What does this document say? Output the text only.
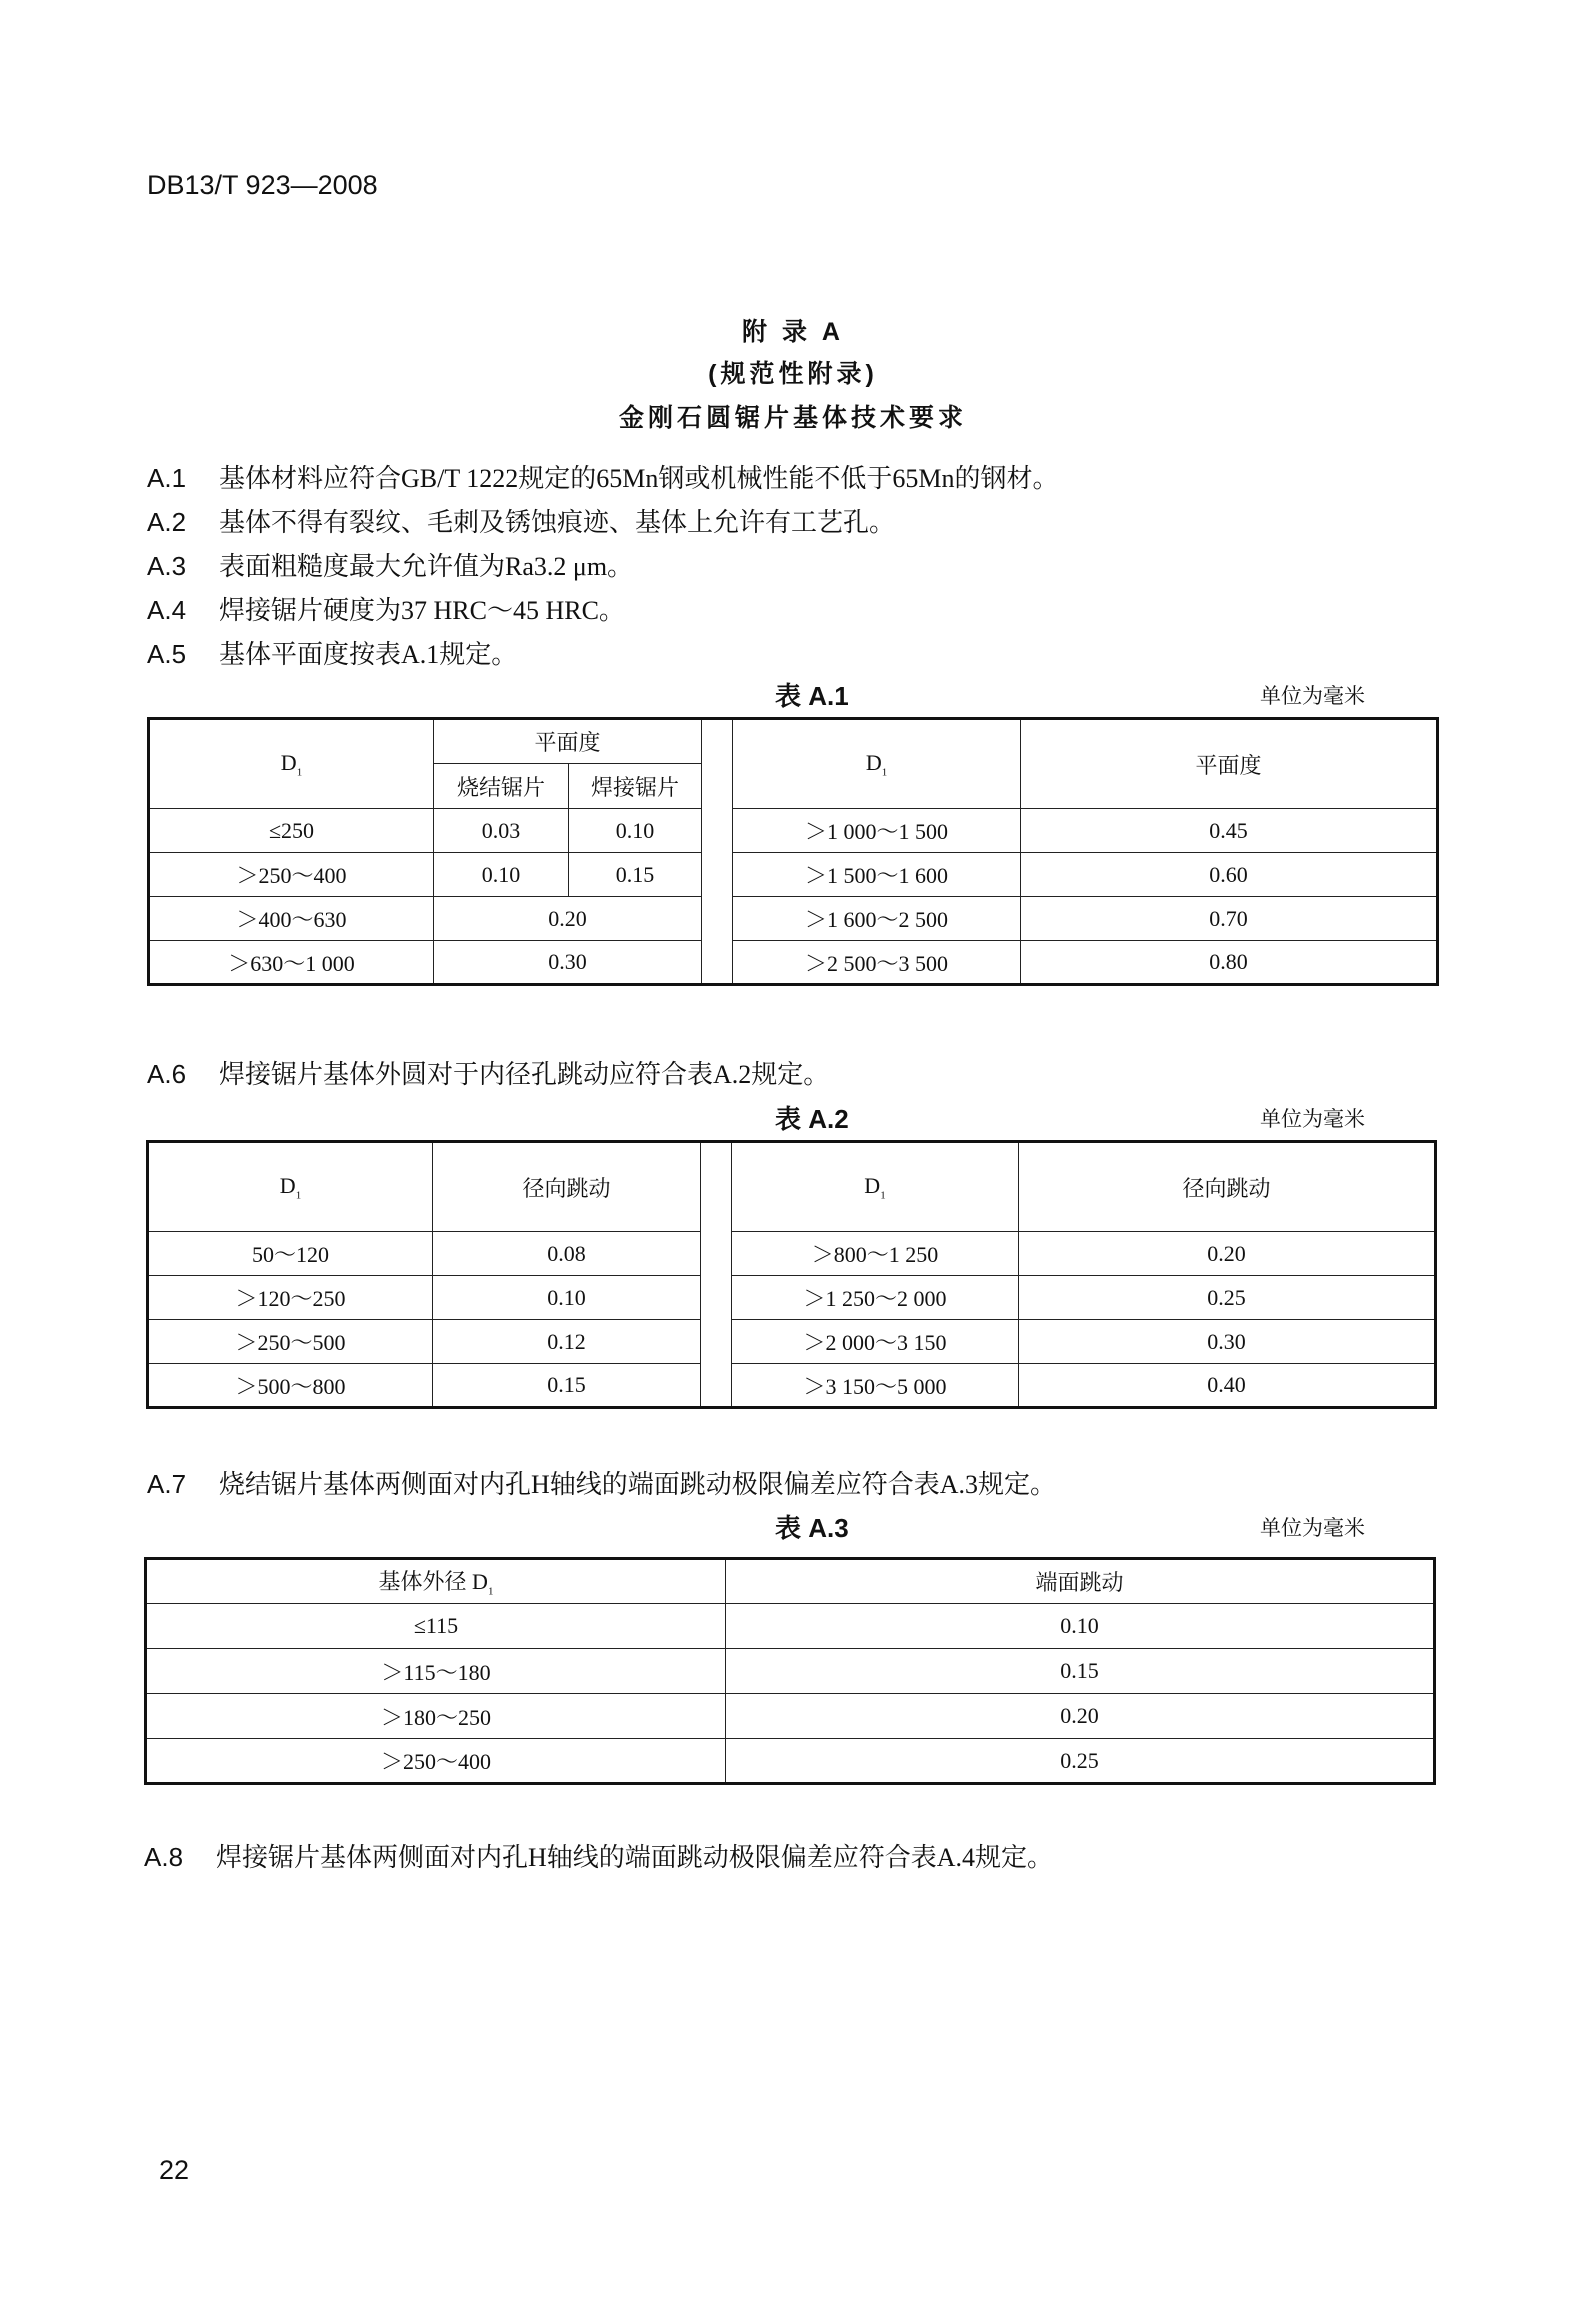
DB13/T 923—2008
附 录 A
(规范性附录)
金刚石圆锯片基体技术要求
A.1 基体材料应符合GB/T 1222规定的65Mn钢或机械性能不低于65Mn的钢材。
A.2 基体不得有裂纹、毛刺及锈蚀痕迹、基体上允许有工艺孔。
A.3 表面粗糙度最大允许值为Ra3.2 μm。
A.4 焊接锯片硬度为37 HRC～45 HRC。
A.5 基体平面度按表A.1规定。
表 A.1	单位为毫米
$D_1$	平面度			$D_1$	平面度
	烧结锯片	焊接锯片			
≤250	0.03	0.10		＞1 000～1 500	0.45
＞250～400	0.10	0.15		＞1 500～1 600	0.60
＞400～630	0.20			＞1 600～2 500	0.70
＞630～1 000	0.30			＞2 500～3 500	0.80
A.6 焊接锯片基体外圆对于内径孔跳动应符合表A.2规定。
表 A.2	单位为毫米
$D_1$	径向跳动		$D_1$	径向跳动
50～120	0.08		＞800～1 250	0.20
＞120～250	0.10		＞1 250～2 000	0.25
＞250～500	0.12		＞2 000～3 150	0.30
＞500～800	0.15		＞3 150～5 000	0.40
A.7 烧结锯片基体两侧面对内孔H轴线的端面跳动极限偏差应符合表A.3规定。
表 A.3	单位为毫米
基体外径 $D_1$	端面跳动
≤115	0.10
＞115～180	0.15
＞180～250	0.20
＞250～400	0.25
A.8 焊接锯片基体两侧面对内孔H轴线的端面跳动极限偏差应符合表A.4规定。
22
